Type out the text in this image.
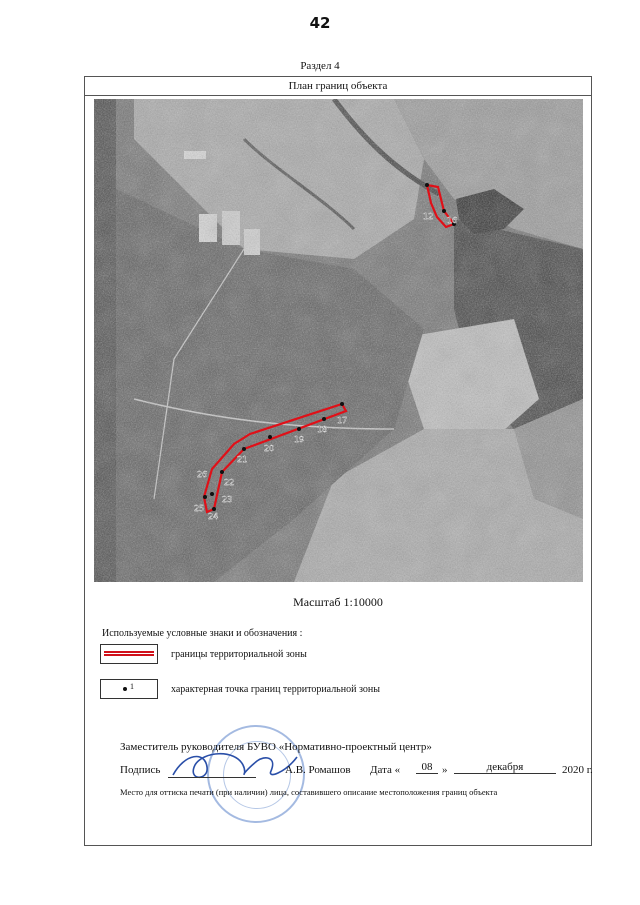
42
Раздел 4
План границ объекта
12 16
17
18
19
20
21
22
23
24
25
26
Масштаб 1:10000
Используемые условные знаки и обозначения :
границы территориальной зоны
1	характерная точка границ территориальной зоны
Заместитель руководителя БУВО «Нормативно-проектный центр»
Подпись	А.В. Ромашов Дата «	08 »	декабря	2020 г.
Место для оттиска печати (при наличии) лица, составившего описание местоположения границ объекта
